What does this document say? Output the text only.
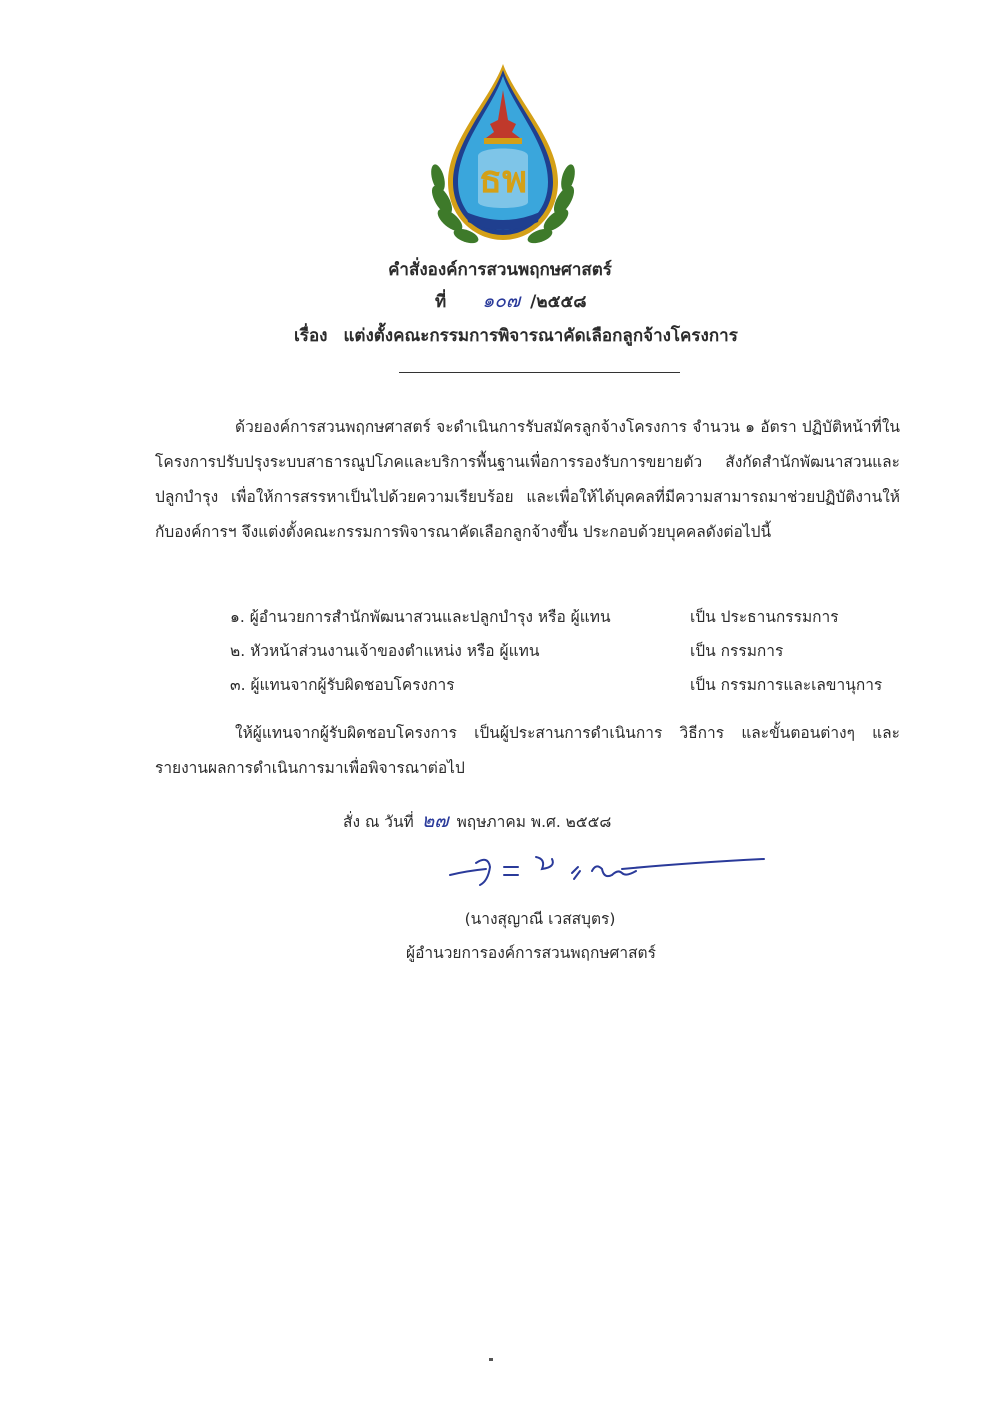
ธพ
คำสั่งองค์การสวนพฤกษศาสตร์
ที่ ๑๐๗ /๒๕๕๘
เรื่อง แต่งตั้งคณะกรรมการพิจารณาคัดเลือกลูกจ้างโครงการ
ด้วยองค์การสวนพฤกษศาสตร์ จะดำเนินการรับสมัครลูกจ้างโครงการ จำนวน ๑ อัตรา ปฏิบัติหน้าที่ในโครงการปรับปรุงระบบสาธารณูปโภคและบริการพื้นฐานเพื่อการรองรับการขยายตัว สังกัดสำนักพัฒนาสวนและปลูกบำรุง เพื่อให้การสรรหาเป็นไปด้วยความเรียบร้อย และเพื่อให้ได้บุคคลที่มีความสามารถมาช่วยปฏิบัติงานให้กับองค์การฯ จึงแต่งตั้งคณะกรรมการพิจารณาคัดเลือกลูกจ้างขึ้น ประกอบด้วยบุคคลดังต่อไปนี้
๑. ผู้อำนวยการสำนักพัฒนาสวนและปลูกบำรุง หรือ ผู้แทน	เป็น ประธานกรรมการ
๒. หัวหน้าส่วนงานเจ้าของตำแหน่ง หรือ ผู้แทน	เป็น กรรมการ
๓. ผู้แทนจากผู้รับผิดชอบโครงการ	เป็น กรรมการและเลขานุการ
ให้ผู้แทนจากผู้รับผิดชอบโครงการ เป็นผู้ประสานการดำเนินการ วิธีการ และขั้นตอนต่างๆ และรายงานผลการดำเนินการมาเพื่อพิจารณาต่อไป
สั่ง ณ วันที่ ๒๗ พฤษภาคม พ.ศ. ๒๕๕๘
(นางสุญาณี เวสสบุตร)
ผู้อำนวยการองค์การสวนพฤกษศาสตร์
